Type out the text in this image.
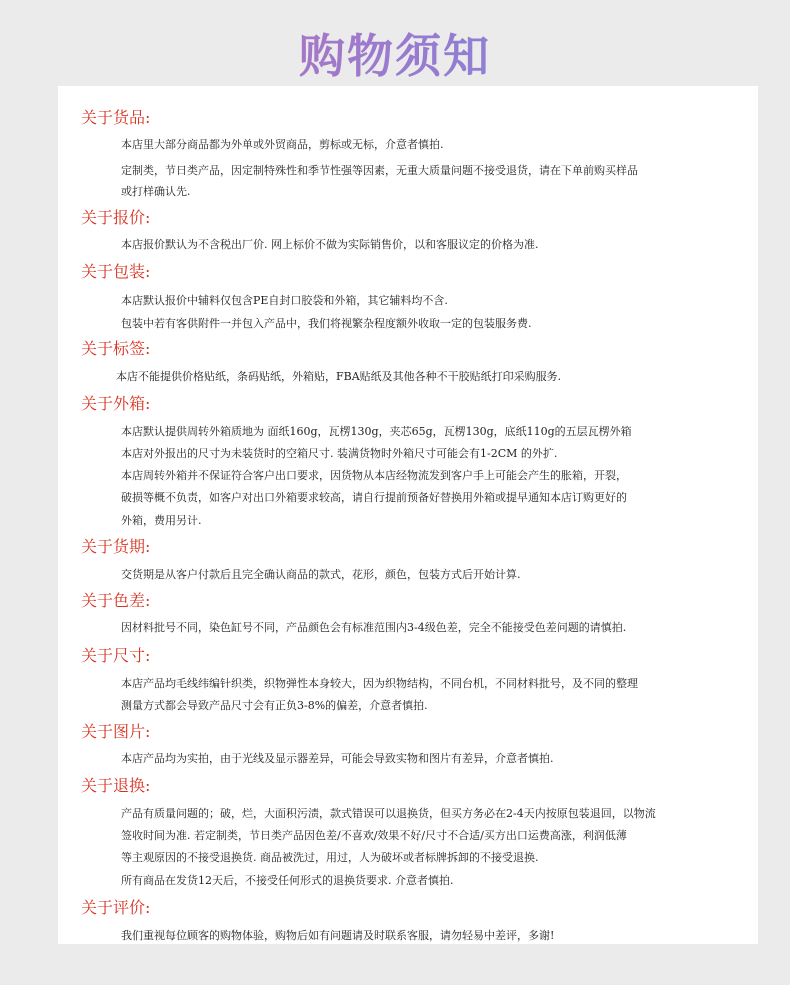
购物须知
关于货品:
本店里大部分商品都为外单或外贸商品，剪标或无标，介意者慎拍.
定制类，节日类产品，因定制特殊性和季节性强等因素，无重大质量问题不接受退货，请在下单前购买样品
或打样确认先.
关于报价:
本店报价默认为不含税出厂价. 网上标价不做为实际销售价，以和客服议定的价格为准.
关于包装:
本店默认报价中辅料仅包含PE自封口胶袋和外箱，其它辅料均不含.
包装中若有客供附件一并包入产品中，我们将视繁杂程度额外收取一定的包装服务费.
关于标签:
本店不能提供价格贴纸，条码贴纸，外箱贴，FBA贴纸及其他各种不干胶贴纸打印采购服务.
关于外箱:
本店默认提供周转外箱质地为 面纸160g，瓦楞130g，夹芯65g，瓦楞130g，底纸110g的五层瓦楞外箱
本店对外报出的尺寸为未装货时的空箱尺寸. 装满货物时外箱尺寸可能会有1-2CM 的外扩.
本店周转外箱并不保证符合客户出口要求，因货物从本店经物流发到客户手上可能会产生的胀箱，开裂，
破损等概不负责，如客户对出口外箱要求较高，请自行提前预备好替换用外箱或提早通知本店订购更好的
外箱，费用另计.
关于货期:
交货期是从客户付款后且完全确认商品的款式，花形，颜色，包装方式后开始计算.
关于色差:
因材料批号不同，染色缸号不同，产品颜色会有标准范围内3-4级色差，完全不能接受色差问题的请慎拍.
关于尺寸:
本店产品均毛线纬编针织类，织物弹性本身较大，因为织物结构，不同台机，不同材料批号，及不同的整理
测量方式都会导致产品尺寸会有正负3-8%的偏差，介意者慎拍.
关于图片:
本店产品均为实拍，由于光线及显示器差异，可能会导致实物和图片有差异，介意者慎拍.
关于退换:
产品有质量问题的；破，烂，大面积污渍，款式错误可以退换货，但买方务必在2-4天内按原包装退回，以物流
签收时间为准. 若定制类，节日类产品因色差/不喜欢/效果不好/尺寸不合适/买方出口运费高涨，利润低薄
等主观原因的不接受退换货. 商品被洗过，用过，人为破坏或者标牌拆卸的不接受退换.
所有商品在发货12天后，不接受任何形式的退换货要求. 介意者慎拍.
关于评价:
我们重视每位顾客的购物体验，购物后如有问题请及时联系客服，请勿轻易中差评，多谢!
